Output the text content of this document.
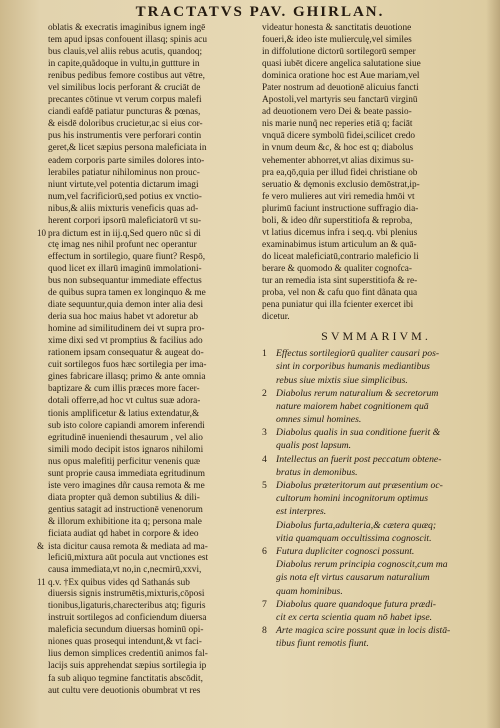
TRACTATVS PAV. GHIRLAN.
oblatis & execratis imaginibus ignem ingē
tem apud ipsas confouent illasq; spinis acu
bus clauis,vel aliis rebus acutis, quandoq;
in capite,quãdoque in vultu,in guttture in
renibus pedibus femore costibus aut vētre,
vel similibus locis perforant & cruciāt de
precantes cōtinue vt verum corpus malefi
ciandi eafdē patiatur puncturas & pœnas,
& eisdē doloribus crucietur,ac si eius cor-
pus his instrumentis vere perforari contin
geret,& licet sæpius persona maleficiata in
eadem corporis parte similes dolores into-
lerabiles patiatur nihilominus non prouc-
niunt virtute,vel potentia dictarum imagi
num,vel facrificiorū,sed potius ex vnctio-
nibus,& aliis mixturis veneficis quas ad-
herent corpori ipsorū maleficiatorū vt su-
10 pra dictum est in iij.q,Sed quero nūc si di
ctę imag nes nihil profunt nec operantur
effectum in sortilegio, quare fiunt? Respō,
quod licet ex illarū imaginū immolationi-
bus non subsequantur immediate effectus
de quibus supra tamen ex longinquo & me
diate sequuntur,quia demon inter alia desi
deria sua hoc maius habet vt adoretur ab
homine ad similitudinem dei vt supra pro-
xime dixi sed vt promptius & facilius ado
rationem ipsam consequatur & augeat do-
cuit sortilegos fuos hæc sortilegia per ima-
gines fabricare illasq; primo & ante omnia
baptizare & cum illis præces more facer-
dotali offerre,ad hoc vt cultus suæ adora-
tionis amplificetur & latius extendatur,&
sub isto colore capiandi amorem inferendi
egritudinē inueniendi thesaurum , vel alio
simili modo decipit istos ignaros nihilomi
nus opus malefitij perficitur venenis quæ
sunt proprie causa immediata egritudinum
iste vero imagines dñr causa remota & me
diata propter quã demon subtilius & dili-
gentius satagit ad instructionē venenorum
& illorum exhibitione ita q; persona male
ficiata audiat qd habet in corpore & ideo
& ista dicitur causa remota & mediata ad ma-
leficiū,mixtura aūt pocula aut vnctiones est
causa immediata,vt no,in c,necmirū,xxvi,
11 q.v. †Ex quibus vides qd Sathanás sub
diuersis signis instrumētis,mixturis,cōposi
tionibus,ligaturis,charecteribus atq; figuris
instruit sortilegos ad conficiendum diuersa
maleficia secundum diuersas hominū opi-
niones quas prosequi intendunt,& vt faci-
lius demon simplices credentiū animos fal-
lacijs suis apprehendat sæpius sortilegia ip
fa sub aliquo tegmine fanctitatis abscōdit,
aut cultu vere deuotionis obumbrat vt res
videatur honesta & sanctitatis deuotione
foueri,& ideo iste mulierculę,vel similes
in diffolutione dictorū sortilegorū semper
quasi iubēt dicere angelica salutatione siue
dominica oratione hoc est Aue mariam,vel
Pater nostrum ad deuotionē alicuius fancti
Apostoli,vel martyris seu fanctarū virginū
ad deuotionem vero Dei & beate passio-
nis marie nunq̃ nec reperies etiā q; faciāt
vnquā dicere symbolū fidei,scilicet credo
in vnum deum &c, & hoc est q; diabolus
vehementer abhorret,vt alias diximus su-
pra ea,qō,quia per illud fidei christiane ob
seruatio & dęmonis exclusio demōstrat,ip-
fe vero mulieres aut viri remedia hmōi vt
plurimū faciunt instructione suffragio dia-
boli, & ideo dñr superstitiofa & reproba,
vt latius dicemus infra i seq.q. vbi plenius
examinabimus istum articulum an & quā-
do liceat maleficiatū,contrario maleficio li
berare & quomodo & qualiter cognofca-
tur an remedia ista sint superstitiofa & re-
proba, vel non & cafu quo fint dãnata qua
pena puniatur qui illa fcienter exercet ibi
dicetur.
SVMMARIVM.
1 Effectus sortilegiorū qualiter causari pos-
sint in corporibus humanis mediantibus
rebus siue mixtis siue simplicibus.
2 Diabolus rerum naturalium & secretorum
nature maiorem habet cognitionem quā
omnes simul homines.
3 Diabolus qualis in sua conditione fuerit &
qualis post lapsum.
4 Intellectus an fuerit post peccatum obtene-
bratus in demonibus.
5 Diabolus præteritorum aut præsentium oc-
cultorum homini incognitorum optimus
est interpres.
Diabolus furta,adulteria,& cætera quæq;
vitia quamquam occultissima cognoscit.
6 Futura dupliciter cognosci possunt.
Diabolus rerum principia cognoscit,cum ma
gis nota eſt virtus causarum naturalium
quam hominibus.
7 Diabolus quare quandoque futura prædi-
cit ex certa scientia quam nō habet ipse.
8 Arte magica scire possunt quæ in locis distā-
tibus fiunt remotis fiunt.
